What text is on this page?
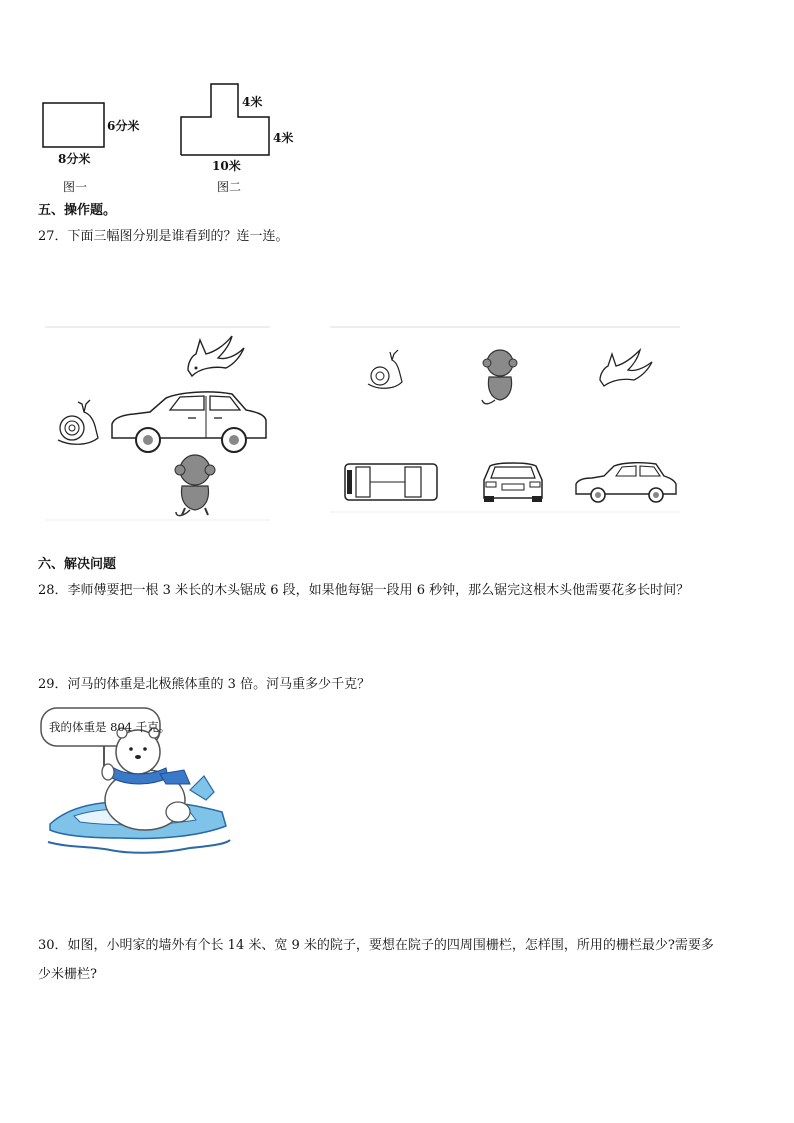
6分米
8分米
图一
4米
4米
10米
图二
五、操作题。
27．下面三幅图分别是谁看到的？连一连。
六、解决问题
28．李师傅要把一根 3 米长的木头锯成 6 段，如果他每锯一段用 6 秒钟，那么锯完这根木头他需要花多长时间？
29．河马的体重是北极熊体重的 3 倍。河马重多少千克？
我的体重是 804 千克。
30．如图，小明家的墙外有个长 14 米、宽 9 米的院子，要想在院子的四周围栅栏，怎样围，所用的栅栏最少?需要多
少米栅栏?
